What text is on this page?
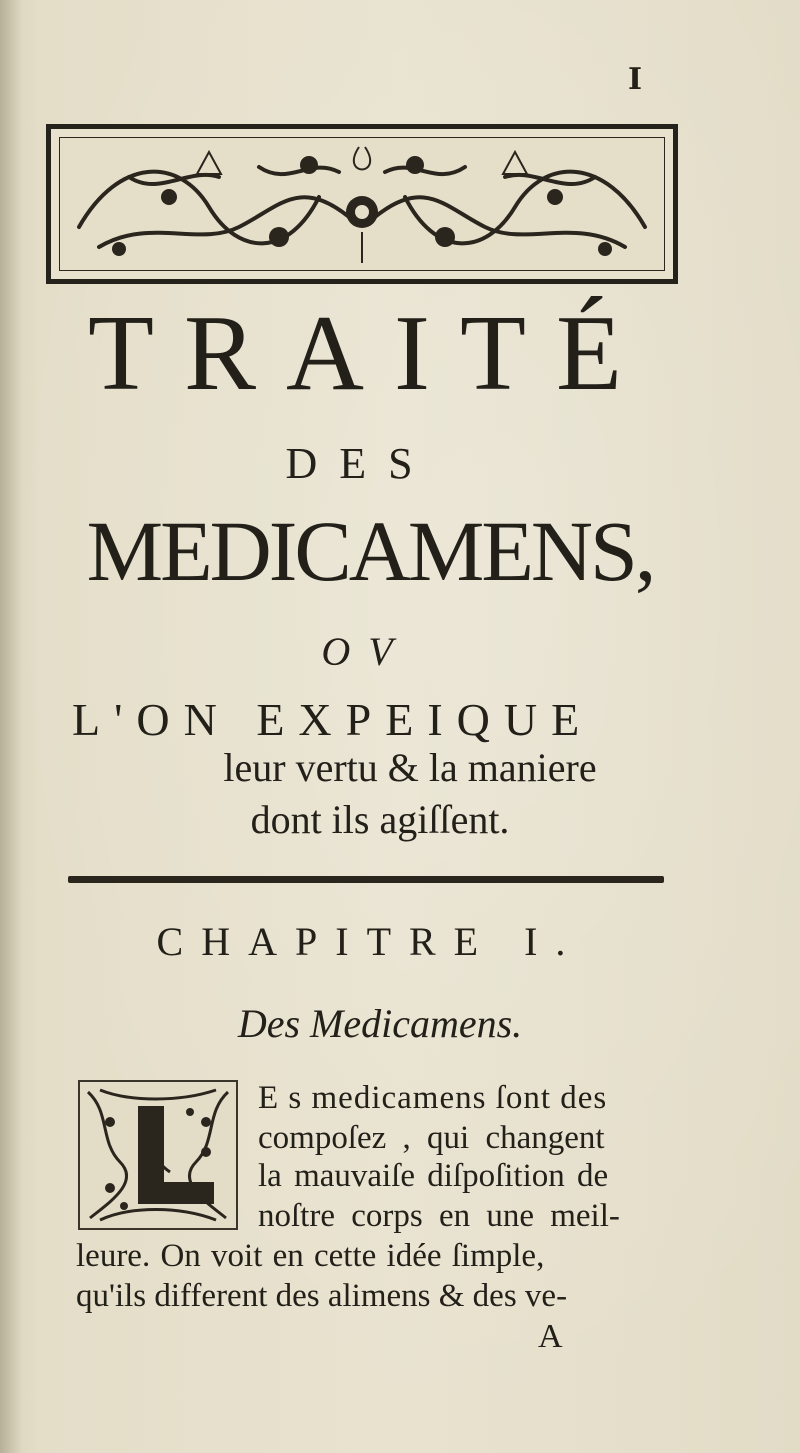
I
TRAITÉ
DES
MEDICAMENS,
OV
L'ON EXPEIQUE
leur vertu & la maniere
dont ils agiſſent.
CHAPITRE I.
Des Medicamens.
E s medicamens ſont des
compoſez , qui changent
la mauvaiſe diſpoſition de
noſtre corps en une meil-
leure. On voit en cette idée ſimple,
qu'ils different des alimens & des ve-
A
